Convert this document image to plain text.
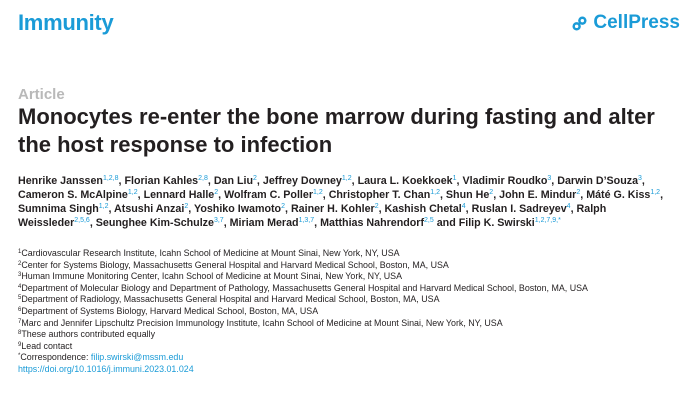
Immunity	CellPress
Article
Monocytes re-enter the bone marrow during fasting and alter the host response to infection
Henrike Janssen$^{1,2,8}$, Florian Kahles$^{2,8}$, Dan Liu$^2$, Jeffrey Downey$^{1,2}$, Laura L. Koekkoek$^1$, Vladimir Roudko$^3$, Darwin D’Souza$^3$, Cameron S. McAlpine$^{1,2}$, Lennard Halle$^2$, Wolfram C. Poller$^{1,2}$, Christopher T. Chan$^{1,2}$, Shun He$^2$, John E. Mindur$^2$, Máté G. Kiss$^{1,2}$, Sumnima Singh$^{1,2}$, Atsushi Anzai$^2$, Yoshiko Iwamoto$^2$, Rainer H. Kohler$^2$, Kashish Chetal$^4$, Ruslan I. Sadreyev$^4$, Ralph Weissleder$^{2,5,6}$, Seunghee Kim-Schulze$^{3,7}$, Miriam Merad$^{1,3,7}$, Matthias Nahrendorf$^{2,5}$ and Filip K. Swirski$^{1,2,7,9,*}$
$^1$Cardiovascular Research Institute, Icahn School of Medicine at Mount Sinai, New York, NY, USA
$^2$Center for Systems Biology, Massachusetts General Hospital and Harvard Medical School, Boston, MA, USA
$^3$Human Immune Monitoring Center, Icahn School of Medicine at Mount Sinai, New York, NY, USA
$^4$Department of Molecular Biology and Department of Pathology, Massachusetts General Hospital and Harvard Medical School, Boston, MA, USA
$^5$Department of Radiology, Massachusetts General Hospital and Harvard Medical School, Boston, MA, USA
$^6$Department of Systems Biology, Harvard Medical School, Boston, MA, USA
$^7$Marc and Jennifer Lipschultz Precision Immunology Institute, Icahn School of Medicine at Mount Sinai, New York, NY, USA
$^8$These authors contributed equally
$^9$Lead contact
*Correspondence: filip.swirski@mssm.edu
https://doi.org/10.1016/j.immuni.2023.01.024
